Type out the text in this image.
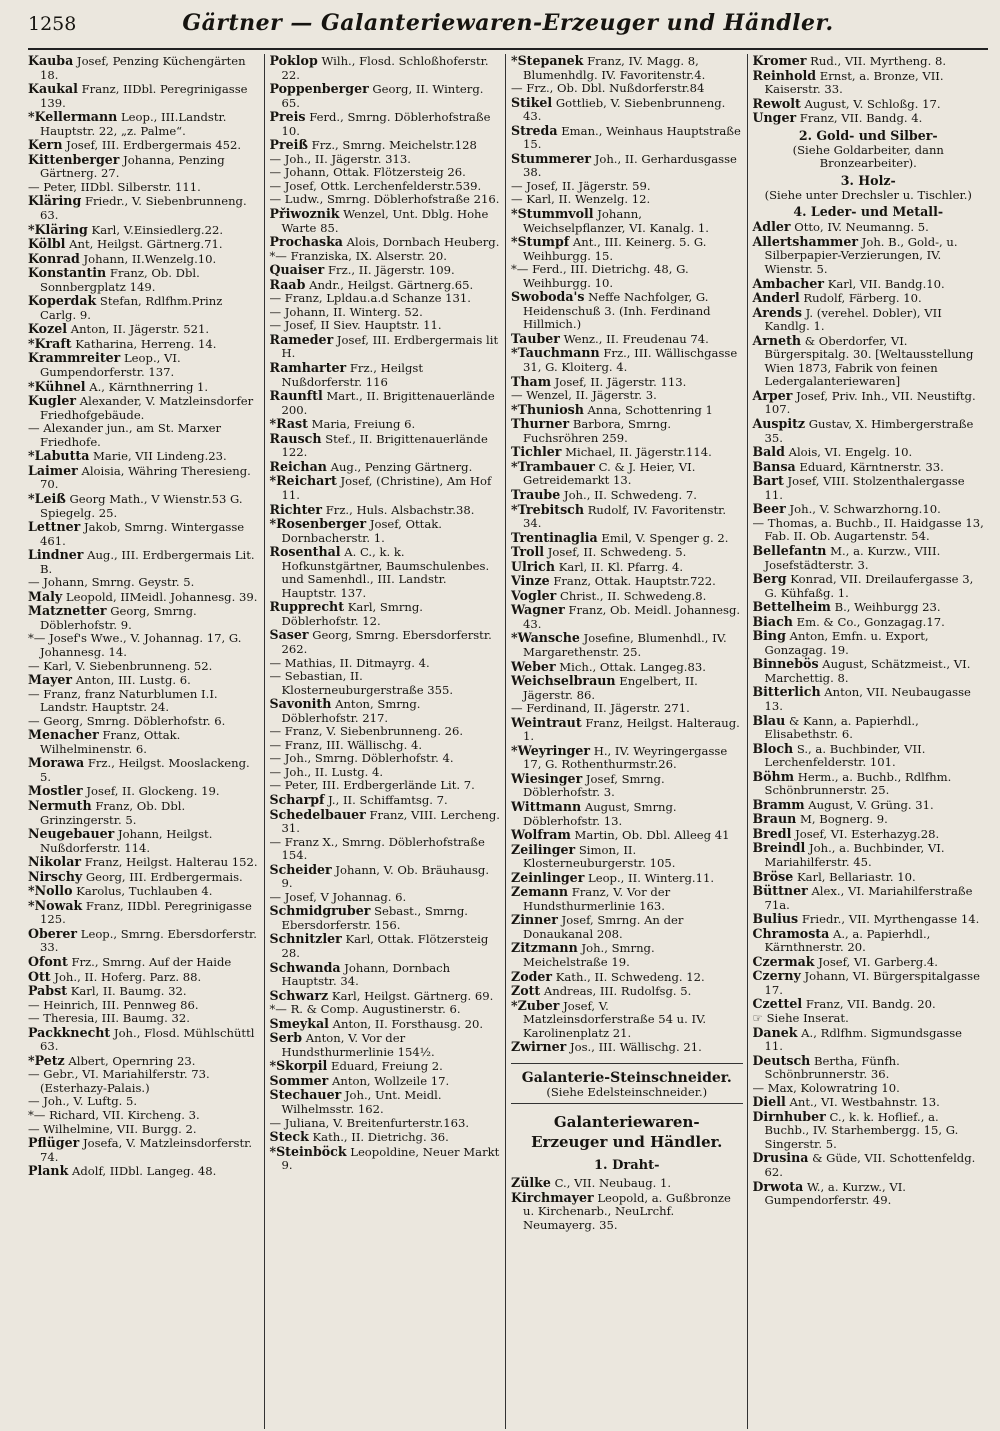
1258	Gärtner — Galanteriewaren-Erzeuger und Händler.

Kauba Josef, Penzing Küchengärten 18.

Kaukal Franz, IIDbl. Peregrinigasse 139.

*Kellermann Leop., III.Landstr. Hauptstr. 22, „z. Palme“.

Kern Josef, III. Erdbergermais 452.

Kittenberger Johanna, Penzing Gärtnerg. 27.

— Peter, IIDbl. Silberstr. 111.

Kläring Friedr., V. Siebenbrunneng. 63.

*Kläring Karl, V.Einsiedlerg.22.

Kölbl Ant, Heilgst. Gärtnerg.71.

Konrad Johann, II.Wenzelg.10.

Konstantin Franz, Ob. Dbl. Sonnbergplatz 149.

Koperdak Stefan, Rdlfhm.Prinz Carlg. 9.

Kozel Anton, II. Jägerstr. 521.

*Kraft Katharina, Herreng. 14.

Krammreiter Leop., VI. Gumpendorferstr. 137.

*Kühnel A., Kärnthnerring 1.

Kugler Alexander, V. Matzleinsdorfer Friedhofgebäude.

— Alexander jun., am St. Marxer Friedhofe.

*Labutta Marie, VII Lindeng.23.

Laimer Aloisia, Währing Theresieng. 70.

*Leiß Georg Math., V Wienstr.53 G. Spiegelg. 25.

Lettner Jakob, Smrng. Wintergasse 461.

Lindner Aug., III. Erdbergermais Lit. B.

— Johann, Smrng. Geystr. 5.

Maly Leopold, IIMeidl. Johannesg. 39.

Matznetter Georg, Smrng. Döblerhofstr. 9.

*— Josef's Wwe., V. Johannag. 17, G. Johannesg. 14.

— Karl, V. Siebenbrunneng. 52.

Mayer Anton, III. Lustg. 6.

— Franz, franz Naturblumen I.I. Landstr. Hauptstr. 24.

— Georg, Smrng. Döblerhofstr. 6.

Menacher Franz, Ottak. Wilhelminenstr. 6.

Morawa Frz., Heilgst. Mooslackeng. 5.

Mostler Josef, II. Glockeng. 19.

Nermuth Franz, Ob. Dbl. Grinzingerstr. 5.

Neugebauer Johann, Heilgst. Nußdorferstr. 114.

Nikolar Franz, Heilgst. Halterau 152.

Nirschy Georg, III. Erdbergermais.

*Nollo Karolus, Tuchlauben 4.

*Nowak Franz, IIDbl. Peregrinigasse 125.

Oberer Leop., Smrng. Ebersdorferstr. 33.

Ofont Frz., Smrng. Auf der Haide

Ott Joh., II. Hoferg. Parz. 88.

Pabst Karl, II. Baumg. 32.

— Heinrich, III. Pennweg 86.

— Theresia, III. Baumg. 32.

Packknecht Joh., Flosd. Mühlschüttl 63.

*Petz Albert, Opernring 23.

— Gebr., VI. Mariahilferstr. 73. (Esterhazy-Palais.)

— Joh., V. Luftg. 5.

*— Richard, VII. Kircheng. 3.

— Wilhelmine, VII. Burgg. 2.

Pflüger Josefa, V. Matzleinsdorferstr. 74.

Plank Adolf, IIDbl. Langeg. 48.

Poklop Wilh., Flosd. Schloßhoferstr. 22.

Poppenberger Georg, II. Winterg. 65.

Preis Ferd., Smrng. Döblerhofstraße 10.

Preiß Frz., Smrng. Meichelstr.128

— Joh., II. Jägerstr. 313.

— Johann, Ottak. Flötzersteig 26.

— Josef, Ottk. Lerchenfelderstr.539.

— Ludw., Smrng. Döblerhofstraße 216.

Přiwoznik Wenzel, Unt. Dblg. Hohe Warte 85.

Prochaska Alois, Dornbach Heuberg.

*— Franziska, IX. Alserstr. 20.

Quaiser Frz., II. Jägerstr. 109.

Raab Andr., Heilgst. Gärtnerg.65.

— Franz, Lpldau.a.d Schanze 131.

— Johann, II. Winterg. 52.

— Josef, II Siev. Hauptstr. 11.

Rameder Josef, III. Erdbergermais lit H.

Ramharter Frz., Heilgst Nußdorferstr. 116

Raunftl Mart., II. Brigittenauerlände 200.

*Rast Maria, Freiung 6.

Rausch Stef., II. Brigittenauerlände 122.

Reichan Aug., Penzing Gärtnerg.

*Reichart Josef, (Christine), Am Hof 11.

Richter Frz., Huls. Alsbachstr.38.

*Rosenberger Josef, Ottak. Dornbacherstr. 1.

Rosenthal A. C., k. k. Hofkunstgärtner, Baumschulenbes. und Samenhdl., III. Landstr. Hauptstr. 137.

Rupprecht Karl, Smrng. Döblerhofstr. 12.

Saser Georg, Smrng. Ebersdorferstr. 262.

— Mathias, II. Ditmayrg. 4.

— Sebastian, II. Klosterneuburgerstraße 355.

Savonith Anton, Smrng. Döblerhofstr. 217.

— Franz, V. Siebenbrunneng. 26.

— Franz, III. Wällischg. 4.

— Joh., Smrng. Döblerhofstr. 4.

— Joh., II. Lustg. 4.

— Peter, III. Erdbergerlände Lit. 7.

Scharpf J., II. Schiffamtsg. 7.

Schedelbauer Franz, VIII. Lercheng. 31.

— Franz X., Smrng. Döblerhofstraße 154.

Scheider Johann, V. Ob. Bräuhausg. 9.

— Josef, V Johannag. 6.

Schmidgruber Sebast., Smrng. Ebersdorferstr. 156.

Schnitzler Karl, Ottak. Flötzersteig 28.

Schwanda Johann, Dornbach Hauptstr. 34.

Schwarz Karl, Heilgst. Gärtnerg. 69.

*— R. & Comp. Augustinerstr. 6.

Smeykal Anton, II. Forsthausg. 20.

Serb Anton, V. Vor der Hundsthurmerlinie 154½.

*Skorpil Eduard, Freiung 2.

Sommer Anton, Wollzeile 17.

Stechauer Joh., Unt. Meidl. Wilhelmsstr. 162.

— Juliana, V. Breitenfurterstr.163.

Steck Kath., II. Dietrichg. 36.

*Steinböck Leopoldine, Neuer Markt 9.

*Stepanek Franz, IV. Magg. 8, Blumenhdlg. IV. Favoritenstr.4.

— Frz., Ob. Dbl. Nußdorferstr.84

Stikel Gottlieb, V. Siebenbrunneng. 43.

Streda Eman., Weinhaus Hauptstraße 15.

Stummerer Joh., II. Gerhardusgasse 38.

— Josef, II. Jägerstr. 59.

— Karl, II. Wenzelg. 12.

*Stummvoll Johann, Weichselpflanzer, VI. Kanalg. 1.

*Stumpf Ant., III. Keinerg. 5. G. Weihburgg. 15.

*— Ferd., III. Dietrichg. 48, G. Weihburgg. 10.

Swoboda's Neffe Nachfolger, G. Heidenschuß 3. (Inh. Ferdinand Hillmich.)

Tauber Wenz., II. Freudenau 74.

*Tauchmann Frz., III. Wällischgasse 31, G. Kloiterg. 4.

Tham Josef, II. Jägerstr. 113.

— Wenzel, II. Jägerstr. 3.

*Thuniosh Anna, Schottenring 1

Thurner Barbora, Smrng. Fuchsröhren 259.

Tichler Michael, II. Jägerstr.114.

*Trambauer C. & J. Heier, VI. Getreidemarkt 13.

Traube Joh., II. Schwedeng. 7.

*Trebitsch Rudolf, IV. Favoritenstr. 34.

Trentinaglia Emil, V. Spenger g. 2.

Troll Josef, II. Schwedeng. 5.

Ulrich Karl, II. Kl. Pfarrg. 4.

Vinze Franz, Ottak. Hauptstr.722.

Vogler Christ., II. Schwedeng.8.

Wagner Franz, Ob. Meidl. Johannesg. 43.

*Wansche Josefine, Blumenhdl., IV. Margarethenstr. 25.

Weber Mich., Ottak. Langeg.83.

Weichselbraun Engelbert, II. Jägerstr. 86.

— Ferdinand, II. Jägerstr. 271.

Weintraut Franz, Heilgst. Halteraug. 1.

*Weyringer H., IV. Weyringergasse 17, G. Rothenthurmstr.26.

Wiesinger Josef, Smrng. Döblerhofstr. 3.

Wittmann August, Smrng. Döblerhofstr. 13.

Wolfram Martin, Ob. Dbl. Alleeg 41

Zeilinger Simon, II. Klosterneuburgerstr. 105.

Zeinlinger Leop., II. Winterg.11.

Zemann Franz, V. Vor der Hundsthurmerlinie 163.

Zinner Josef, Smrng. An der Donaukanal 208.

Zitzmann Joh., Smrng. Meichelstraße 19.

Zoder Kath., II. Schwedeng. 12.

Zott Andreas, III. Rudolfsg. 5.

*Zuber Josef, V. Matzleinsdorferstraße 54 u. IV. Karolinenplatz 21.

Zwirner Jos., III. Wällischg. 21.

Galanterie-Steinschneider.
(Siehe Edelsteinschneider.)
Galanteriewaren-
Erzeuger und Händler.
1. Draht-

Zülke C., VII. Neubaug. 1.

Kirchmayer Leopold, a. Gußbronze u. Kirchenarb., NeuLrchf. Neumayerg. 35.

Kromer Rud., VII. Myrtheng. 8.

Reinhold Ernst, a. Bronze, VII. Kaiserstr. 33.

Rewolt August, V. Schloßg. 17.

Unger Franz, VII. Bandg. 4.

2. Gold- und Silber-
(Siehe Goldarbeiter, dann Bronzearbeiter).
3. Holz-
(Siehe unter Drechsler u. Tischler.)
4. Leder- und Metall-

Adler Otto, IV. Neumanng. 5.

Allertshammer Joh. B., Gold-, u. Silberpapier-Verzierungen, IV. Wienstr. 5.

Ambacher Karl, VII. Bandg.10.

Anderl Rudolf, Färberg. 10.

Arends J. (verehel. Dobler), VII Kandlg. 1.

Arneth & Oberdorfer, VI. Bürgerspitalg. 30. [Weltausstellung Wien 1873, Fabrik von feinen Ledergalanteriewaren]

Arper Josef, Priv. Inh., VII. Neustiftg. 107.

Auspitz Gustav, X. Himbergerstraße 35.

Bald Alois, VI. Engelg. 10.

Bansa Eduard, Kärntnerstr. 33.

Bart Josef, VIII. Stolzenthalergasse 11.

Beer Joh., V. Schwarzhorng.10.

— Thomas, a. Buchb., II. Haidgasse 13, Fab. II. Ob. Augartenstr. 54.

Bellefantn M., a. Kurzw., VIII. Josefstädterstr. 3.

Berg Konrad, VII. Dreilaufergasse 3, G. Kühfaßg. 1.

Bettelheim B., Weihburgg 23.

Biach Em. & Co., Gonzagag.17.

Bing Anton, Emfn. u. Export, Gonzagag. 19.

Binnebös August, Schätzmeist., VI. Marchettig. 8.

Bitterlich Anton, VII. Neubaugasse 13.

Blau & Kann, a. Papierhdl., Elisabethstr. 6.

Bloch S., a. Buchbinder, VII. Lerchenfelderstr. 101.

Böhm Herm., a. Buchb., Rdlfhm. Schönbrunnerstr. 25.

Bramm August, V. Grüng. 31.

Braun M, Bognerg. 9.

Bredl Josef, VI. Esterhazyg.28.

Breindl Joh., a. Buchbinder, VI. Mariahilferstr. 45.

Bröse Karl, Bellariastr. 10.

Büttner Alex., VI. Mariahilferstraße 71a.

Bulius Friedr., VII. Myrthengasse 14.

Chramosta A., a. Papierhdl., Kärnthnerstr. 20.

Czermak Josef, VI. Garberg.4.

Czerny Johann, VI. Bürgerspitalgasse 17.

Czettel Franz, VII. Bandg. 20.

☞ Siehe Inserat.

Danek A., Rdlfhm. Sigmundsgasse 11.

Deutsch Bertha, Fünfh. Schönbrunnerstr. 36.

— Max, Kolowratring 10.

Diell Ant., VI. Westbahnstr. 13.

Dirnhuber C., k. k. Hoflief., a. Buchb., IV. Starhembergg. 15, G. Singerstr. 5.

Drusina & Güde, VII. Schottenfeldg. 62.

Drwota W., a. Kurzw., VI. Gumpendorferstr. 49.
